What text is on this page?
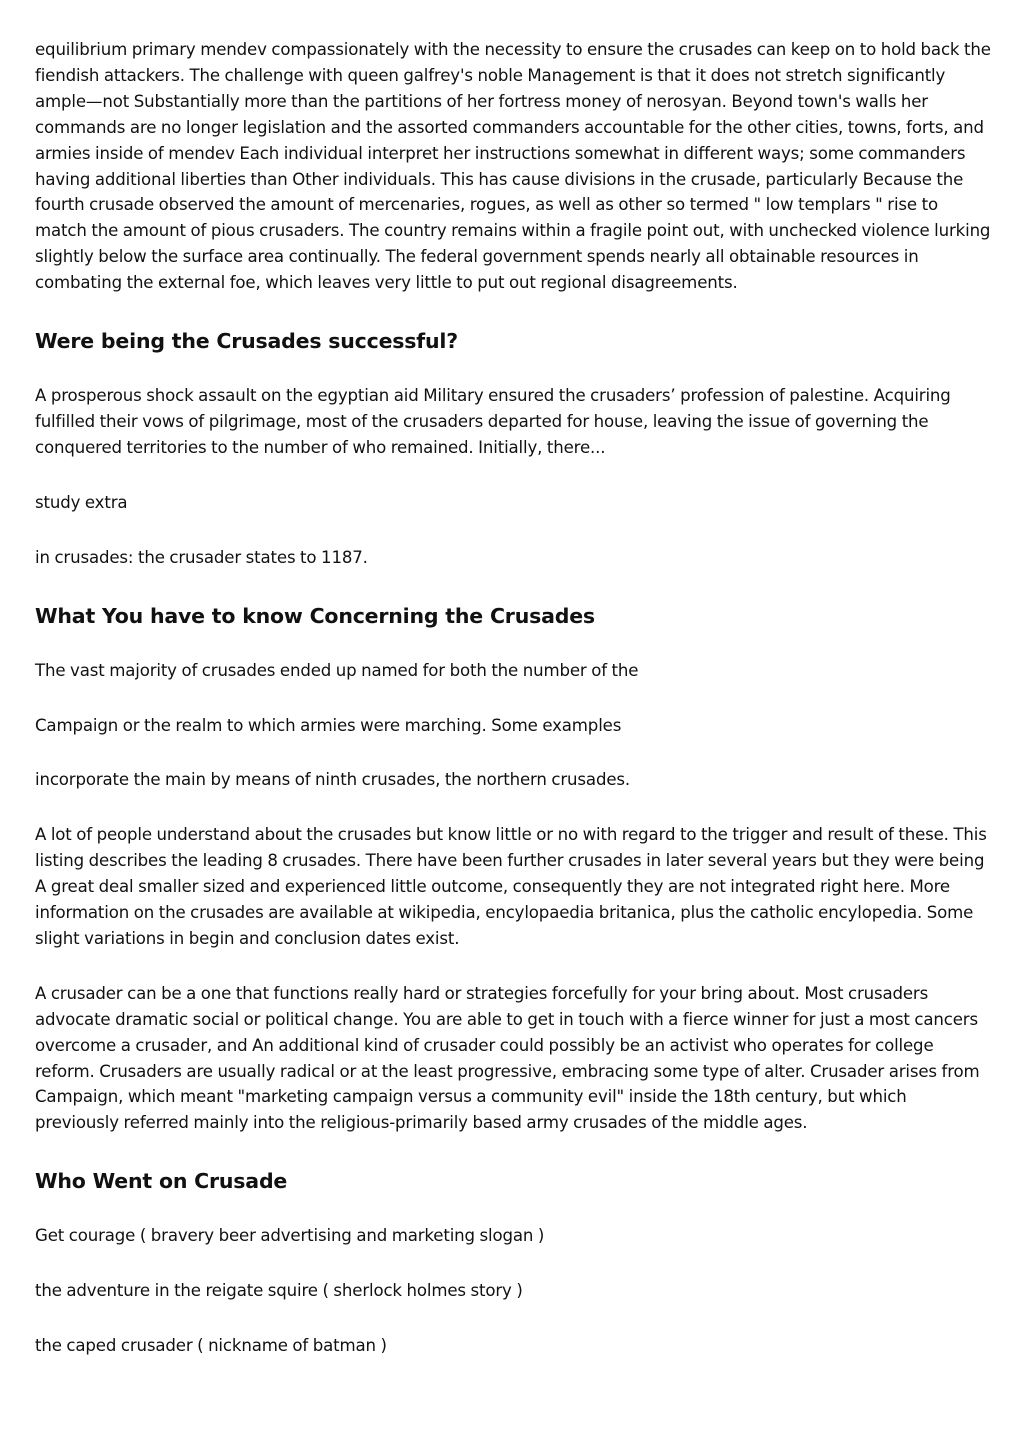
equilibrium primary mendev compassionately with the necessity to ensure the crusades can keep on to hold back the fiendish attackers. The challenge with queen galfrey's noble Management is that it does not stretch significantly ample—not Substantially more than the partitions of her fortress money of nerosyan. Beyond town's walls her commands are no longer legislation and the assorted commanders accountable for the other cities, towns, forts, and armies inside of mendev Each individual interpret her instructions somewhat in different ways; some commanders having additional liberties than Other individuals. This has cause divisions in the crusade, particularly Because the fourth crusade observed the amount of mercenaries, rogues, as well as other so termed " low templars " rise to match the amount of pious crusaders. The country remains within a fragile point out, with unchecked violence lurking slightly below the surface area continually. The federal government spends nearly all obtainable resources in combating the external foe, which leaves very little to put out regional disagreements.

Were being the Crusades successful?

A prosperous shock assault on the egyptian aid Military ensured the crusaders’ profession of palestine. Acquiring fulfilled their vows of pilgrimage, most of the crusaders departed for house, leaving the issue of governing the conquered territories to the number of who remained. Initially, there...

study extra

in crusades: the crusader states to 1187.

What You have to know Concerning the Crusades

The vast majority of crusades ended up named for both the number of the

Campaign or the realm to which armies were marching. Some examples

incorporate the main by means of ninth crusades, the northern crusades.

A lot of people understand about the crusades but know little or no with regard to the trigger and result of these. This listing describes the leading 8 crusades. There have been further crusades in later several years but they were being A great deal smaller sized and experienced little outcome, consequently they are not integrated right here. More information on the crusades are available at wikipedia, encylopaedia britanica, plus the catholic encylopedia. Some slight variations in begin and conclusion dates exist.

A crusader can be a one that functions really hard or strategies forcefully for your bring about. Most crusaders advocate dramatic social or political change. You are able to get in touch with a fierce winner for just a most cancers overcome a crusader, and An additional kind of crusader could possibly be an activist who operates for college reform. Crusaders are usually radical or at the least progressive, embracing some type of alter. Crusader arises from Campaign, which meant "marketing campaign versus a community evil" inside the 18th century, but which previously referred mainly into the religious-primarily based army crusades of the middle ages.

Who Went on Crusade

Get courage ( bravery beer advertising and marketing slogan )

the adventure in the reigate squire ( sherlock holmes story )

the caped crusader ( nickname of batman )
